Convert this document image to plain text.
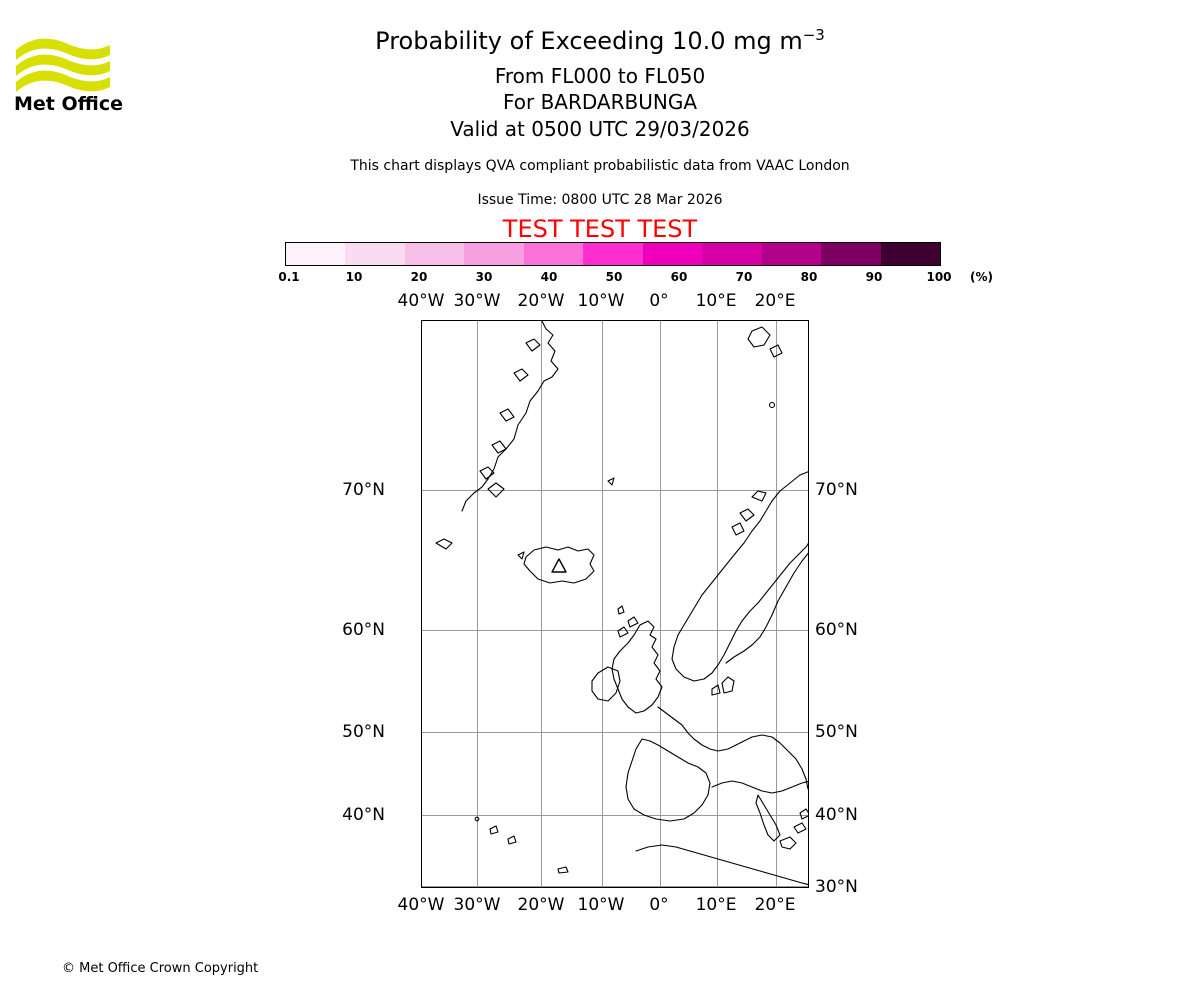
Met Office
Probability of Exceeding 10.0 mg $m^{-3}$
From FL000 to FL050
For BARDARBUNGA
Valid at 0500 UTC 29/03/2026
This chart displays QVA compliant probabilistic data from VAAC London
Issue Time: 0800 UTC 28 Mar 2026
TEST TEST TEST
0.1	10	20	30	40	50	60	70	80	90	100 (%)
40°W 30°W 20°W 10°W 0° 10°E 20°E
70°N
60°N
50°N
40°N
70°N
60°N
50°N
40°N
30°N
40°W 30°W 20°W 10°W 0° 10°E 20°E
© Met Office Crown Copyright
